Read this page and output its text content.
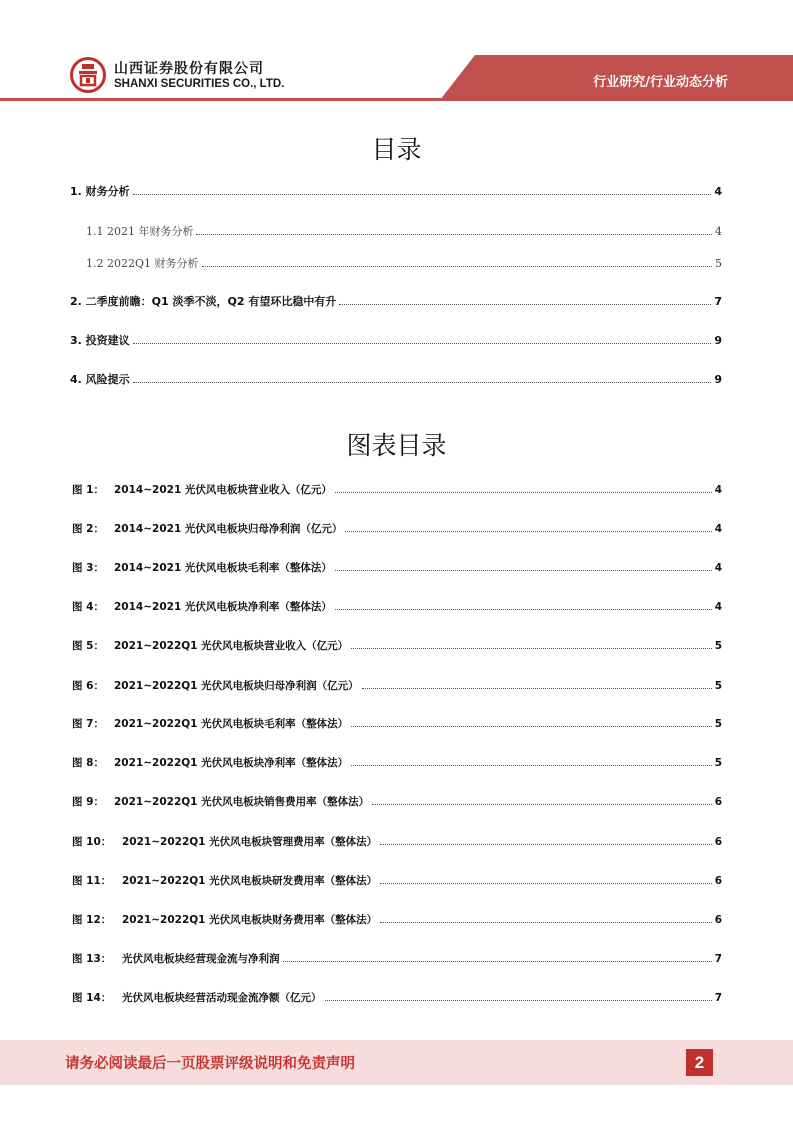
山西证券股份有限公司
SHANXI SECURITIES CO., LTD.	行业研究/行业动态分析
目录
1. 财务分析	4
1.1 2021 年财务分析	4
1.2 2022Q1 财务分析	5
2. 二季度前瞻：Q1 淡季不淡，Q2 有望环比稳中有升	7
3. 投资建议	9
4. 风险提示	9
图表目录
图 1： 2014~2021 光伏风电板块营业收入（亿元）	4
图 2： 2014~2021 光伏风电板块归母净利润（亿元）	4
图 3： 2014~2021 光伏风电板块毛利率（整体法）	4
图 4： 2014~2021 光伏风电板块净利率（整体法）	4
图 5： 2021~2022Q1 光伏风电板块营业收入（亿元）	5
图 6： 2021~2022Q1 光伏风电板块归母净利润（亿元）	5
图 7： 2021~2022Q1 光伏风电板块毛利率（整体法）	5
图 8： 2021~2022Q1 光伏风电板块净利率（整体法）	5
图 9： 2021~2022Q1 光伏风电板块销售费用率（整体法）	6
图 10：	2021~2022Q1 光伏风电板块管理费用率（整体法）	6
图 11：	2021~2022Q1 光伏风电板块研发费用率（整体法）	6
图 12：	2021~2022Q1 光伏风电板块财务费用率（整体法）	6
图 13：	光伏风电板块经营现金流与净利润	7
图 14：	光伏风电板块经营活动现金流净额（亿元）	7
请务必阅读最后一页股票评级说明和免责声明	2
